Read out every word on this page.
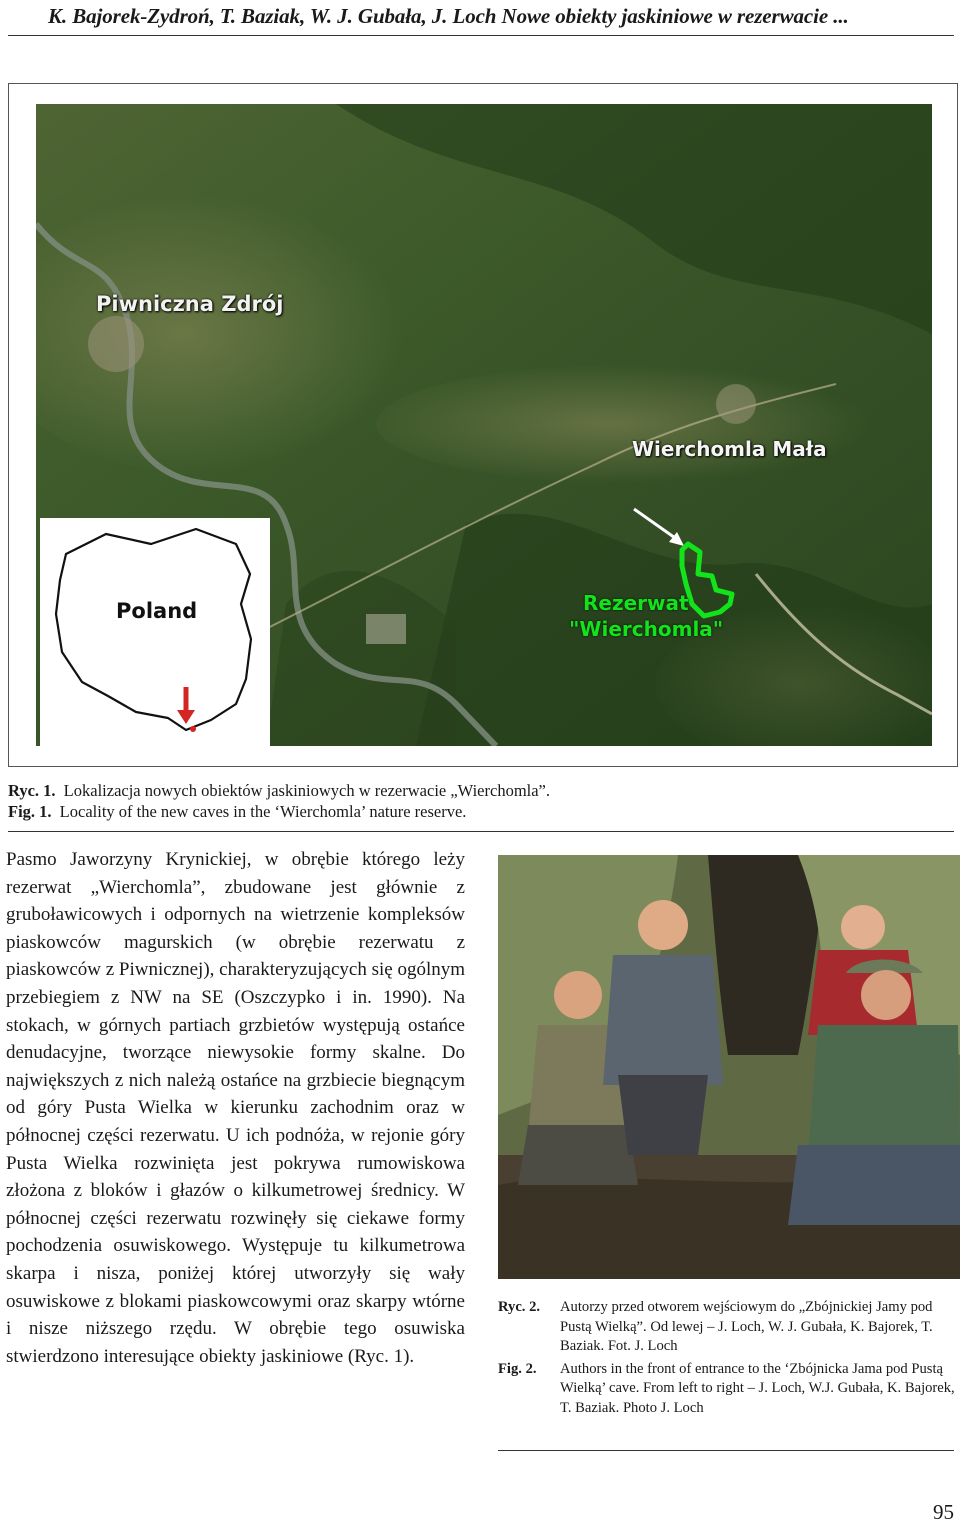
K. Bajorek-Zydroń, T. Baziak, W. J. Gubała, J. Loch Nowe obiekty jaskiniowe w rezerwacie ...
Piwniczna Zdrój
Wierchomla Mała
Rezerwat
"Wierchomla"
Poland
Ryc. 1. Lokalizacja nowych obiektów jaskiniowych w rezerwacie „Wierchomla”.
Fig. 1. Locality of the new caves in the ‘Wierchomla’ nature reserve.
Pasmo Jaworzyny Krynickiej, w obrębie którego leży rezerwat „Wierchomla”, zbudowane jest głównie z gruboławicowych i odpornych na wietrzenie kompleksów piaskowców magurskich (w obrębie rezerwatu z piaskowców z Piwnicznej), charakteryzujących się ogólnym przebiegiem z NW na SE (Oszczypko i in. 1990). Na stokach, w górnych partiach grzbietów występują ostańce denudacyjne, tworzące niewysokie formy skalne. Do największych z nich należą ostańce na grzbiecie biegnącym od góry Pusta Wielka w kierunku zachodnim oraz w północnej części rezerwatu. U ich podnóża, w rejonie góry Pusta Wielka rozwinięta jest pokrywa rumowiskowa złożona z bloków i głazów o kilkumetrowej średnicy. W północnej części rezerwatu rozwinęły się ciekawe formy pochodzenia osuwiskowego. Występuje tu kilkumetrowa skarpa i nisza, poniżej której utworzyły się wały osuwiskowe z blokami piaskowcowymi oraz skarpy wtórne i nisze niższego rzędu. W obrębie tego osuwiska stwierdzono interesujące obiekty jaskiniowe (Ryc. 1).
Ryc. 2.	Autorzy przed otworem wejściowym do „Zbójnickiej Jamy pod Pustą Wielką”. Od lewej – J. Loch, W. J. Gubała, K. Bajorek, T. Baziak. Fot. J. Loch
Fig. 2.	Authors in the front of entrance to the ‘Zbójnicka Jama pod Pustą Wielką’ cave. From left to right – J. Loch, W.J. Gubała, K. Bajorek, T. Baziak. Photo J. Loch
95
